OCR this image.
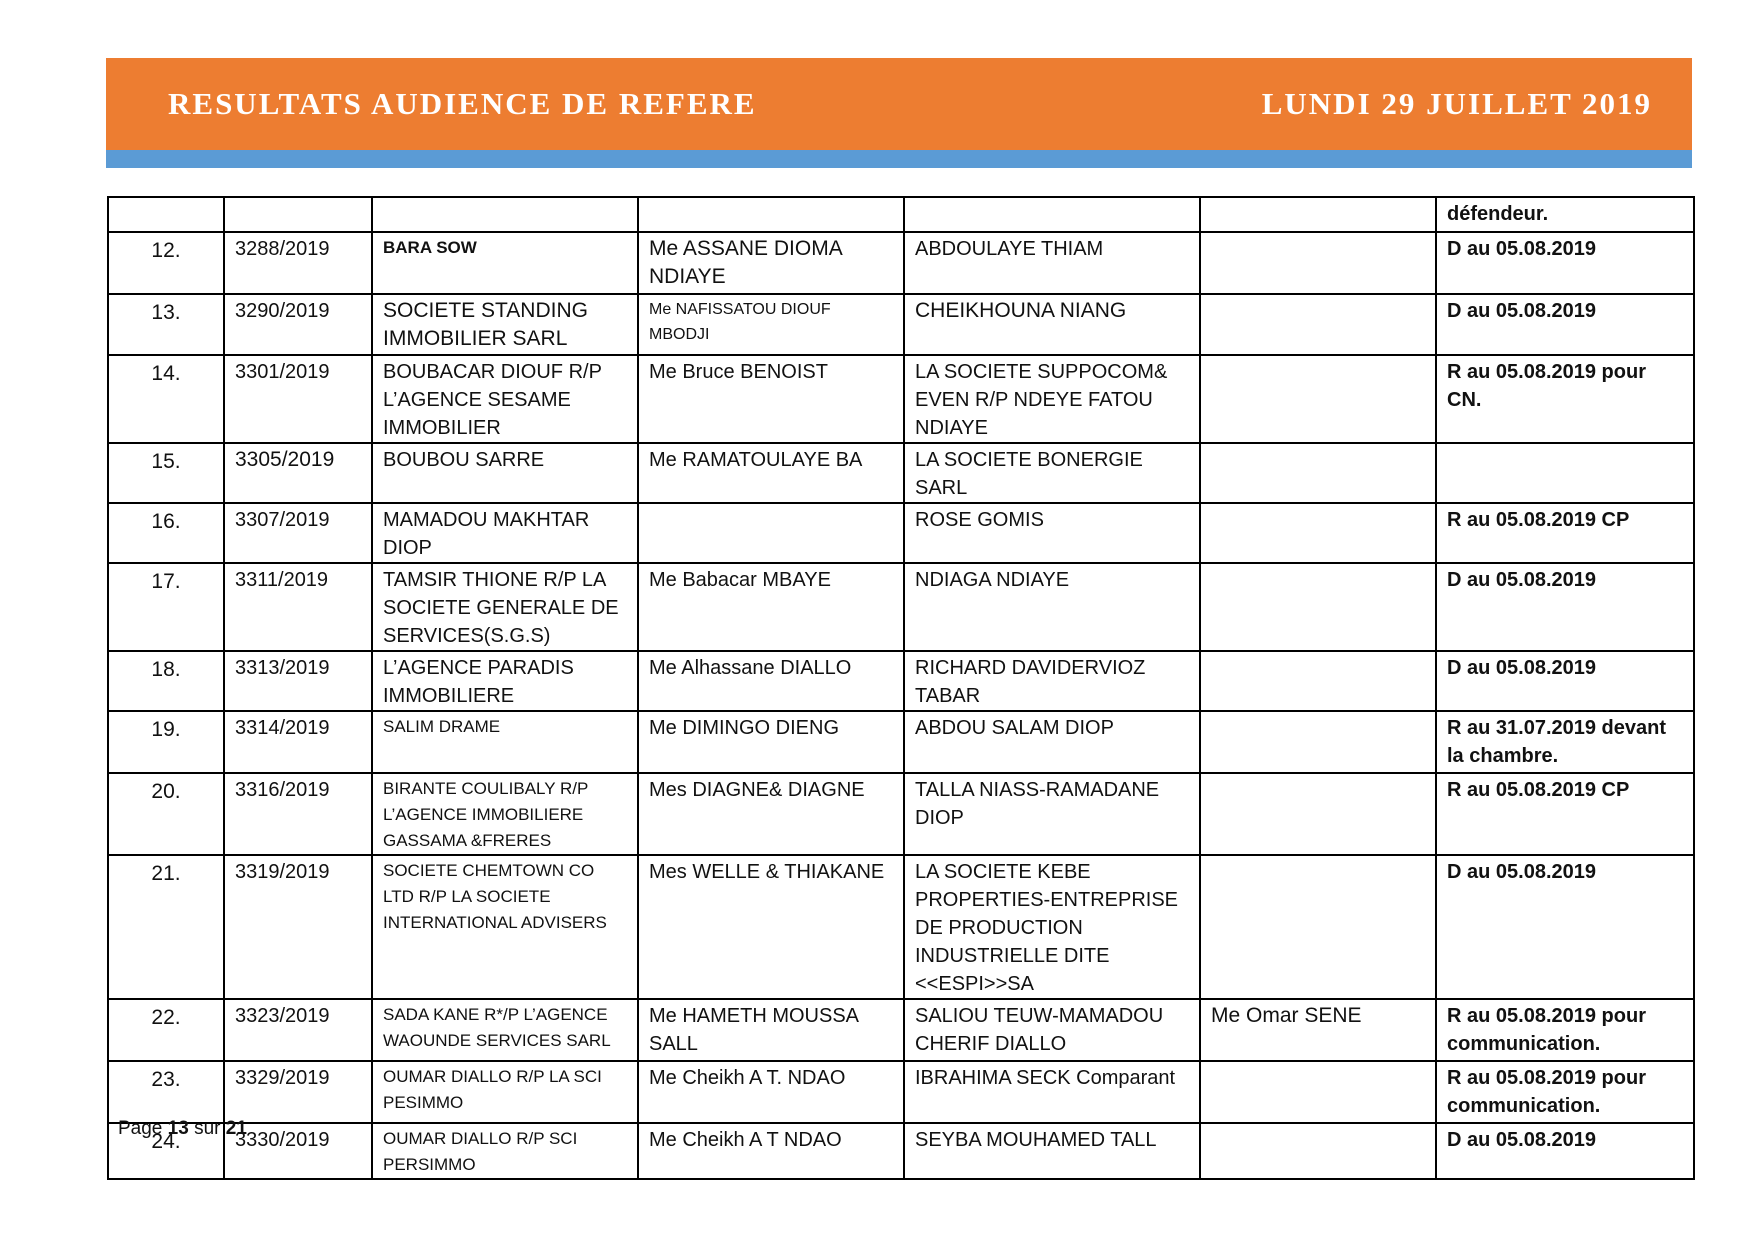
RESULTATS AUDIENCE DE REFERE	LUNDI 29 JUILLET 2019
						défendeur.
12.	3288/2019	BARA SOW	Me ASSANE DIOMA NDIAYE	ABDOULAYE THIAM		D au 05.08.2019
13.	3290/2019	SOCIETE STANDING IMMOBILIER SARL	Me NAFISSATOU DIOUF MBODJI	CHEIKHOUNA NIANG		D au 05.08.2019
14.	3301/2019	BOUBACAR DIOUF R/P L’AGENCE SESAME IMMOBILIER	Me Bruce BENOIST	LA SOCIETE SUPPOCOM& EVEN R/P NDEYE FATOU NDIAYE		R au 05.08.2019 pour CN.
15.	3305/2019	BOUBOU SARRE	Me RAMATOULAYE BA	LA SOCIETE BONERGIE SARL		
16.	3307/2019	MAMADOU MAKHTAR DIOP		ROSE GOMIS		R au 05.08.2019 CP
17.	3311/2019	TAMSIR THIONE R/P LA SOCIETE GENERALE DE SERVICES(S.G.S)	Me Babacar MBAYE	NDIAGA NDIAYE		D au 05.08.2019
18.	3313/2019	L’AGENCE PARADIS IMMOBILIERE	Me Alhassane DIALLO	RICHARD DAVIDERVIOZ TABAR		D au 05.08.2019
19.	3314/2019	SALIM DRAME	Me DIMINGO DIENG	ABDOU SALAM DIOP		R au 31.07.2019 devant la chambre.
20.	3316/2019	BIRANTE COULIBALY R/P L’AGENCE IMMOBILIERE GASSAMA &FRERES	Mes DIAGNE& DIAGNE	TALLA NIASS-RAMADANE DIOP		R au 05.08.2019 CP
21.	3319/2019	SOCIETE CHEMTOWN CO LTD R/P LA SOCIETE INTERNATIONAL ADVISERS	Mes WELLE & THIAKANE	LA SOCIETE KEBE PROPERTIES-ENTREPRISE DE PRODUCTION INDUSTRIELLE DITE <<ESPI>>SA		D au 05.08.2019
22.	3323/2019	SADA KANE R*/P L’AGENCE WAOUNDE SERVICES SARL	Me HAMETH MOUSSA SALL	SALIOU TEUW-MAMADOU CHERIF DIALLO	Me Omar SENE	R au 05.08.2019 pour communication.
23.	3329/2019	OUMAR DIALLO R/P LA SCI PESIMMO	Me Cheikh A T. NDAO	IBRAHIMA SECK Comparant		R au 05.08.2019 pour communication.
24.	3330/2019	OUMAR DIALLO R/P SCI PERSIMMO	Me Cheikh A T NDAO	SEYBA MOUHAMED TALL		D au 05.08.2019
Page 13 sur 21
